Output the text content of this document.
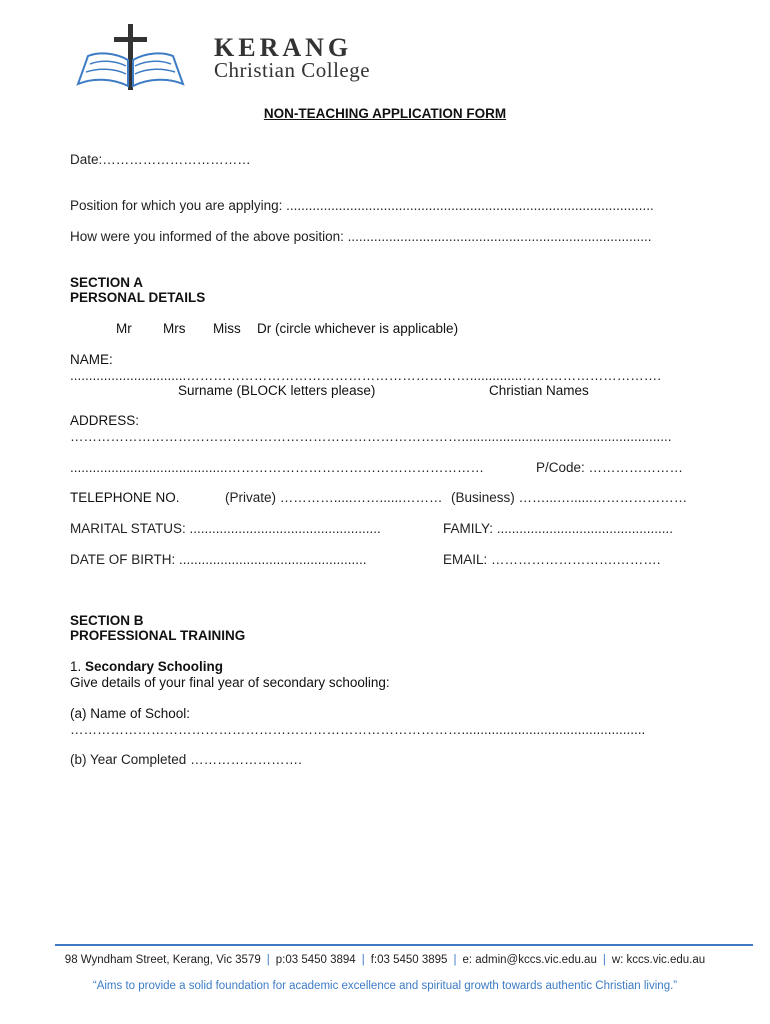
KERANG
Christian College
NON-TEACHING APPLICATION FORM
Date:……………………………
Position for which you are applying: ..................................................................................................
How were you informed of the above position: .................................................................................
SECTION A
PERSONAL DETAILS
Mr Mrs Miss Dr (circle whichever is applicable)
NAME:
...............................………………………………………………………..............………………………….
Surname (BLOCK letters please)	Christian Names
ADDRESS:
……………………………………………………………………………........................................................
..........................................…………………………………………………	P/Code: …………………
TELEPHONE NO.	(Private) ………….....……......……… (Business) ……...…......…………………
MARITAL STATUS: ...................................................	FAMILY: ...............................................
DATE OF BIRTH: ..................................................	EMAIL: ……………………….……….
SECTION B
PROFESSIONAL TRAINING
1. Secondary Schooling
Give details of your final year of secondary schooling:
(a) Name of School:
…………………………………………………………………………….................................................
(b) Year Completed …………………….
98 Wyndham Street, Kerang, Vic 3579 | p:03 5450 3894 | f:03 5450 3895 | e: admin@kccs.vic.edu.au | w: kccs.vic.edu.au
“Aims to provide a solid foundation for academic excellence and spiritual growth towards authentic Christian living.”
